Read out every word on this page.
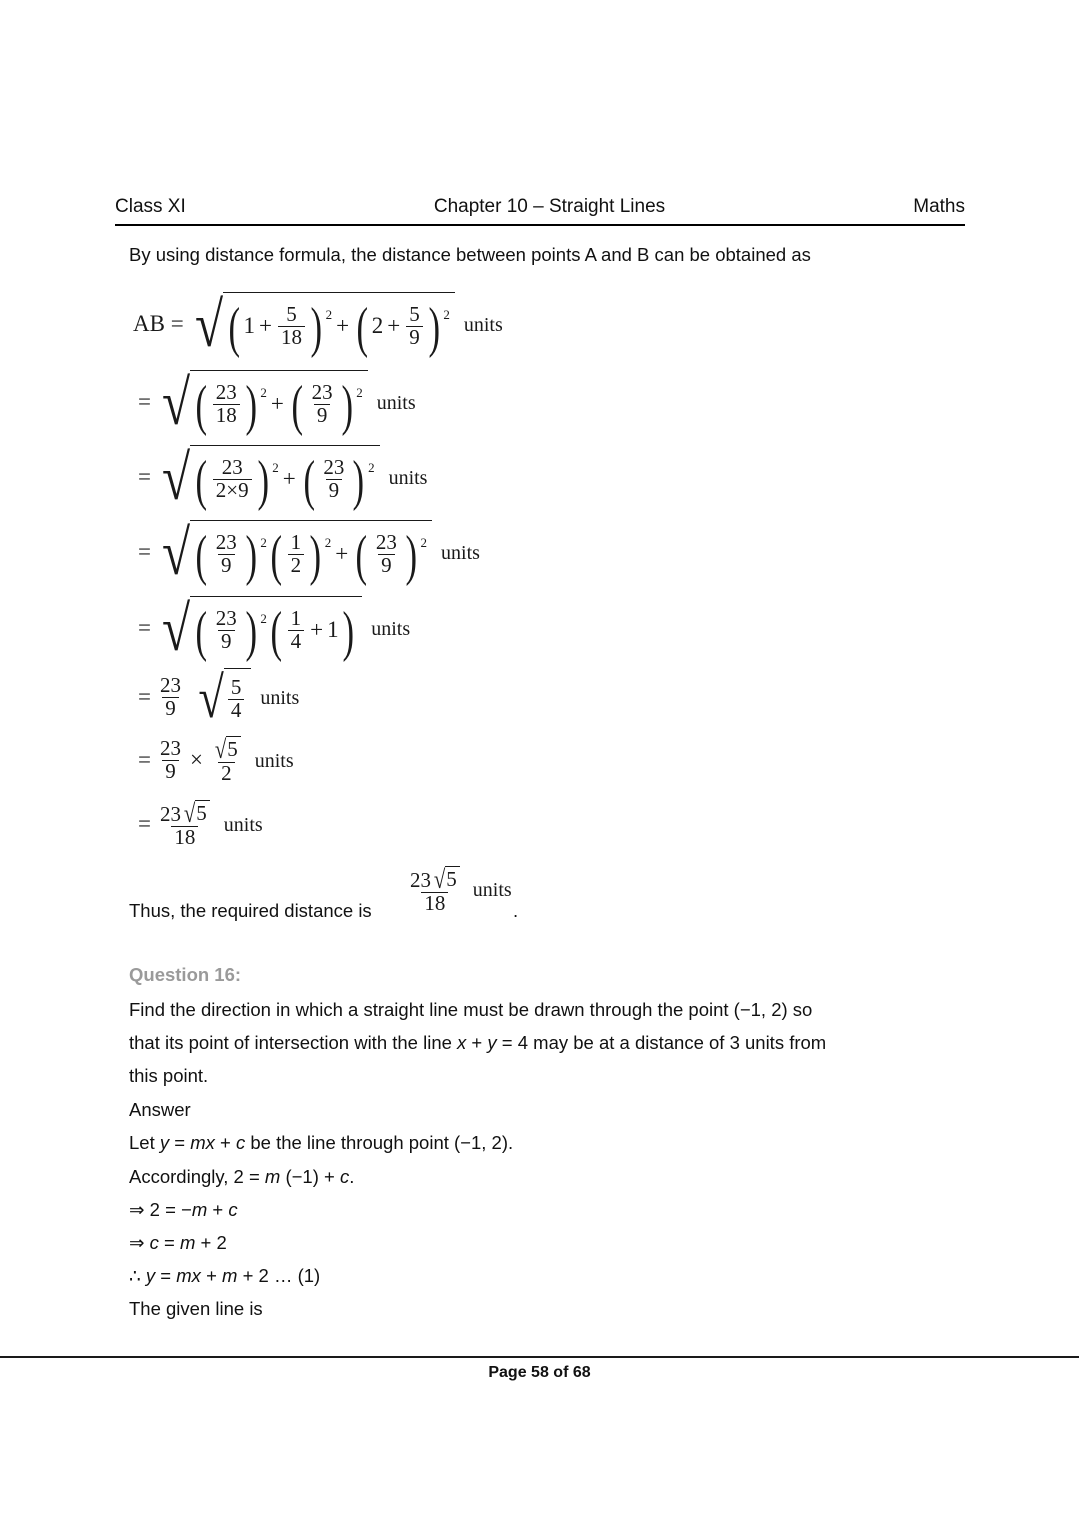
Class XI	Chapter 10 – Straight Lines	Maths
By using distance formula, the distance between points A and B can be obtained as
AB = √ ( $1 + \frac{5}{18}$ ) 2 + ( $2 + \frac{5}{9}$ ) 2 units
= √ ( $\frac{23}{18}$ ) 2 + ( $\frac{23}{9}$ ) 2 units
= √ ( $\frac{23}{2\times 9}$ ) 2 + ( $\frac{23}{9}$ ) 2 units
= √ ( $\frac{23}{9}$ ) 2 ( $\frac{1}{2}$ ) 2 + ( $\frac{23}{9}$ ) 2 units
= √ ( $\frac{23}{9}$ ) 2 ( $\frac{1}{4} + 1$ ) units
= $\frac{23}{9}$ √ $\frac{5}{4}$ units
= $\frac{23}{9} \times \frac{√ 5}{2}$ units
= $\frac{23 √ 5}{18}$ units
Thus, the required distance is $\frac{23 √ 5}{18}$ units
.
Question 16:
Find the direction in which a straight line must be drawn through the point (−1, 2) so
that its point of intersection with the line x + y = 4 may be at a distance of 3 units from
this point.
Answer
Let y = mx + c be the line through point (−1, 2).
Accordingly, 2 = m (−1) + c.
⇒ 2 = −m + c
⇒ c = m + 2
∴ y = mx + m + 2 … (1)
The given line is
Page 58 of 68
